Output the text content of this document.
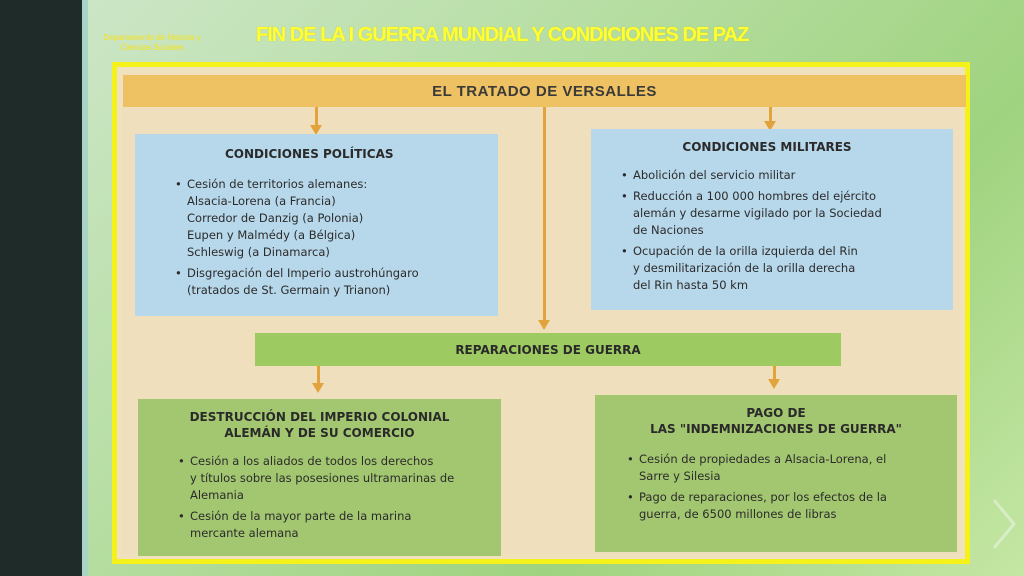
Departamento de Historia y Ciencias Sociales
FIN DE LA I GUERRA MUNDIAL Y CONDICIONES DE PAZ
EL TRATADO DE VERSALLES
CONDICIONES POLÍTICAS
• Cesión de territorios alemanes:
Alsacia-Lorena (a Francia)
Corredor de Danzig (a Polonia)
Eupen y Malmédy (a Bélgica)
Schleswig (a Dinamarca)
• Disgregación del Imperio austrohúngaro
(tratados de St. Germain y Trianon)
CONDICIONES MILITARES
• Abolición del servicio militar
• Reducción a 100 000 hombres del ejército
alemán y desarme vigilado por la Sociedad
de Naciones
• Ocupación de la orilla izquierda del Rin
y desmilitarización de la orilla derecha
del Rin hasta 50 km
REPARACIONES DE GUERRA
DESTRUCCIÓN DEL IMPERIO COLONIAL
ALEMÁN Y DE SU COMERCIO
• Cesión a los aliados de todos los derechos
y títulos sobre las posesiones ultramarinas de
Alemania
• Cesión de la mayor parte de la marina
mercante alemana
PAGO DE
LAS "INDEMNIZACIONES DE GUERRA"
• Cesión de propiedades a Alsacia-Lorena, el
Sarre y Silesia
• Pago de reparaciones, por los efectos de la
guerra, de 6500 millones de libras
